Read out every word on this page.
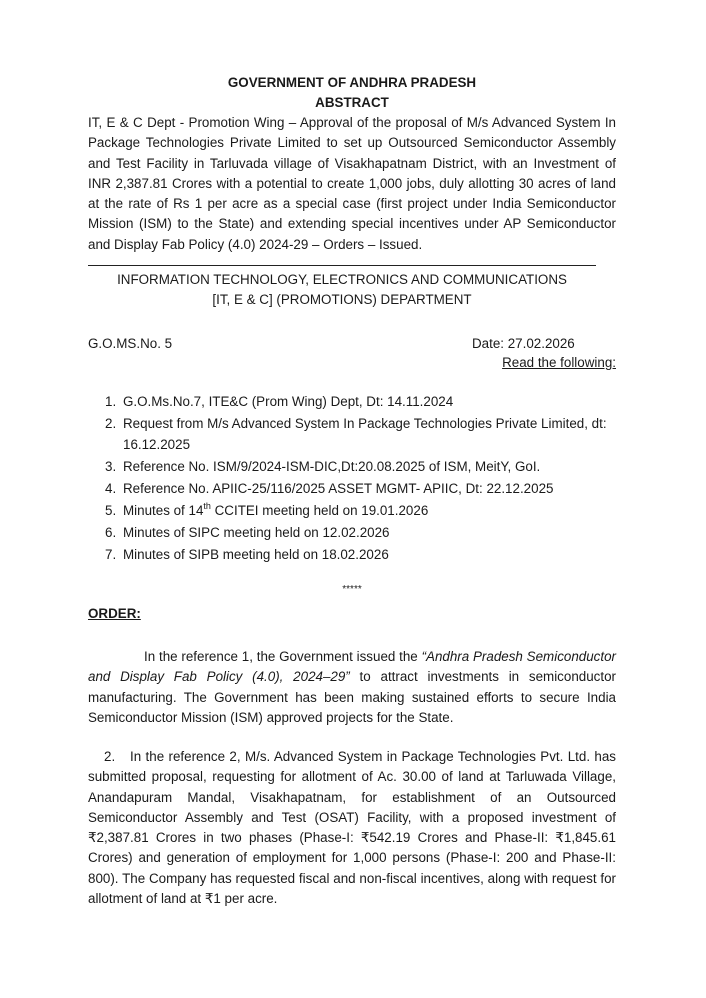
GOVERNMENT OF ANDHRA PRADESH
ABSTRACT
IT, E & C Dept - Promotion Wing – Approval of the proposal of M/s Advanced System In Package Technologies Private Limited to set up Outsourced Semiconductor Assembly and Test Facility in Tarluvada village of Visakhapatnam District, with an Investment of INR 2,387.81 Crores with a potential to create 1,000 jobs, duly allotting 30 acres of land at the rate of Rs 1 per acre as a special case (first project under India Semiconductor Mission (ISM) to the State) and extending special incentives under AP Semiconductor and Display Fab Policy (4.0) 2024-29 – Orders – Issued.
INFORMATION TECHNOLOGY, ELECTRONICS AND COMMUNICATIONS
[IT, E & C] (PROMOTIONS) DEPARTMENT
G.O.MS.No. 5	Date: 27.02.2026
Read the following:
1. G.O.Ms.No.7, ITE&C (Prom Wing) Dept, Dt: 14.11.2024
2. Request from M/s Advanced System In Package Technologies Private Limited, dt: 16.12.2025
3. Reference No. ISM/9/2024-ISM-DIC,Dt:20.08.2025 of ISM, MeitY, GoI.
4. Reference No. APIIC-25/116/2025 ASSET MGMT- APIIC, Dt: 22.12.2025
5. Minutes of 14th CCITEI meeting held on 19.01.2026
6. Minutes of SIPC meeting held on 12.02.2026
7. Minutes of SIPB meeting held on 18.02.2026
*****
ORDER:
In the reference 1, the Government issued the “Andhra Pradesh Semiconductor and Display Fab Policy (4.0), 2024–29” to attract investments in semiconductor manufacturing. The Government has been making sustained efforts to secure India Semiconductor Mission (ISM) approved projects for the State.
2. In the reference 2, M/s. Advanced System in Package Technologies Pvt. Ltd. has submitted proposal, requesting for allotment of Ac. 30.00 of land at Tarluwada Village, Anandapuram Mandal, Visakhapatnam, for establishment of an Outsourced Semiconductor Assembly and Test (OSAT) Facility, with a proposed investment of ₹2,387.81 Crores in two phases (Phase-I: ₹542.19 Crores and Phase-II: ₹1,845.61 Crores) and generation of employment for 1,000 persons (Phase-I: 200 and Phase-II: 800). The Company has requested fiscal and non-fiscal incentives, along with request for allotment of land at ₹1 per acre.
